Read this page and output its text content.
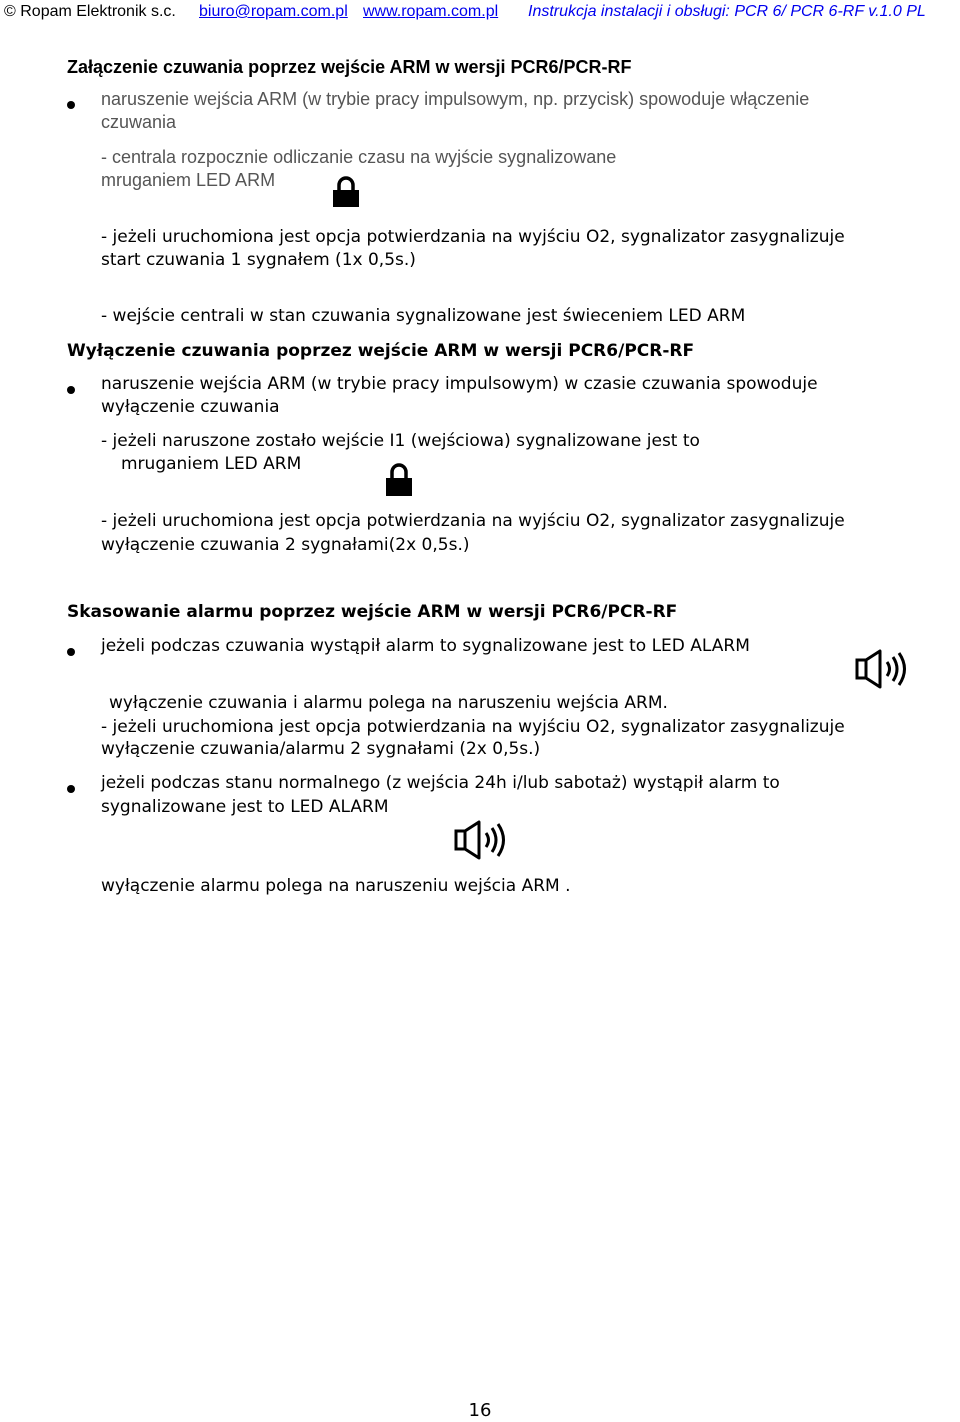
© Ropam Elektronik s.c. biuro@ropam.com.pl www.ropam.com.pl Instrukcja instalacji i obsługi: PCR 6/ PCR 6-RF v.1.0 PL
Załączenie czuwania poprzez wejście ARM w wersji PCR6/PCR-RF
naruszenie wejścia ARM (w trybie pracy impulsowym, np. przycisk) spowoduje włączenie
czuwania
- centrala rozpocznie odliczanie czasu na wyjście sygnalizowane
mruganiem LED ARM
- jeżeli uruchomiona jest opcja potwierdzania na wyjściu O2, sygnalizator zasygnalizuje
start czuwania 1 sygnałem (1x 0,5s.)
- wejście centrali w stan czuwania sygnalizowane jest świeceniem LED ARM
Wyłączenie czuwania poprzez wejście ARM w wersji PCR6/PCR-RF
naruszenie wejścia ARM (w trybie pracy impulsowym) w czasie czuwania spowoduje
wyłączenie czuwania
- jeżeli naruszone zostało wejście I1 (wejściowa) sygnalizowane jest to
mruganiem LED ARM
- jeżeli uruchomiona jest opcja potwierdzania na wyjściu O2, sygnalizator zasygnalizuje
wyłączenie czuwania 2 sygnałami(2x 0,5s.)
Skasowanie alarmu poprzez wejście ARM w wersji PCR6/PCR-RF
jeżeli podczas czuwania wystąpił alarm to sygnalizowane jest to LED ALARM
wyłączenie czuwania i alarmu polega na naruszeniu wejścia ARM.
- jeżeli uruchomiona jest opcja potwierdzania na wyjściu O2, sygnalizator zasygnalizuje
wyłączenie czuwania/alarmu 2 sygnałami (2x 0,5s.)
jeżeli podczas stanu normalnego (z wejścia 24h i/lub sabotaż) wystąpił alarm to
sygnalizowane jest to LED ALARM
wyłączenie alarmu polega na naruszeniu wejścia ARM .
16
